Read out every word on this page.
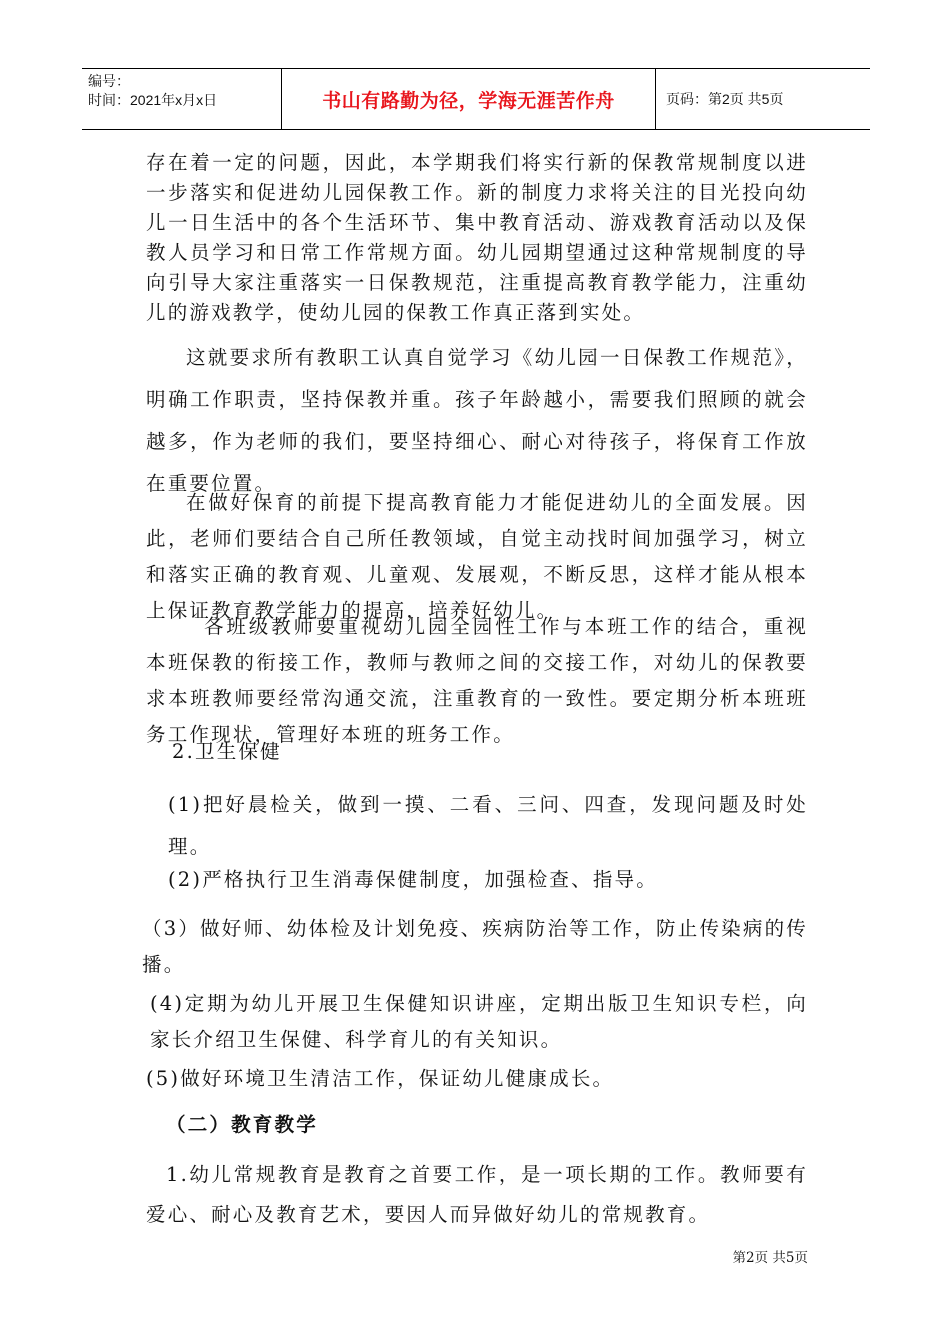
编号：
时间：2021年x月x日	书山有路勤为径，学海无涯苦作舟	页码：第2页 共5页

存在着一定的问题，因此，本学期我们将实行新的保教常规制度以进一步落实和促进幼儿园保教工作。新的制度力求将关注的目光投向幼儿一日生活中的各个生活环节、集中教育活动、游戏教育活动以及保教人员学习和日常工作常规方面。幼儿园期望通过这种常规制度的导向引导大家注重落实一日保教规范，注重提高教育教学能力，注重幼儿的游戏教学，使幼儿园的保教工作真正落到实处。

这就要求所有教职工认真自觉学习《幼儿园一日保教工作规范》，明确工作职责，坚持保教并重。孩子年龄越小，需要我们照顾的就会越多，作为老师的我们，要坚持细心、耐心对待孩子，将保育工作放在重要位置。

在做好保育的前提下提高教育能力才能促进幼儿的全面发展。因此，老师们要结合自己所任教领域，自觉主动找时间加强学习，树立和落实正确的教育观、儿童观、发展观，不断反思，这样才能从根本上保证教育教学能力的提高，培养好幼儿。

各班级教师要重视幼儿园全园性工作与本班工作的结合，重视本班保教的衔接工作，教师与教师之间的交接工作，对幼儿的保教要求本班教师要经常沟通交流，注重教育的一致性。要定期分析本班班务工作现状，管理好本班的班务工作。

2.卫生保健

(1)把好晨检关，做到一摸、二看、三问、四查，发现问题及时处理。

(2)严格执行卫生消毒保健制度，加强检查、指导。

（3）做好师、幼体检及计划免疫、疾病防治等工作，防止传染病的传播。

(4)定期为幼儿开展卫生保健知识讲座，定期出版卫生知识专栏，向家长介绍卫生保健、科学育儿的有关知识。

(5)做好环境卫生清洁工作，保证幼儿健康成长。

（二）教育教学

1.幼儿常规教育是教育之首要工作，是一项长期的工作。教师要有爱心、耐心及教育艺术，要因人而异做好幼儿的常规教育。

第2页 共5页
